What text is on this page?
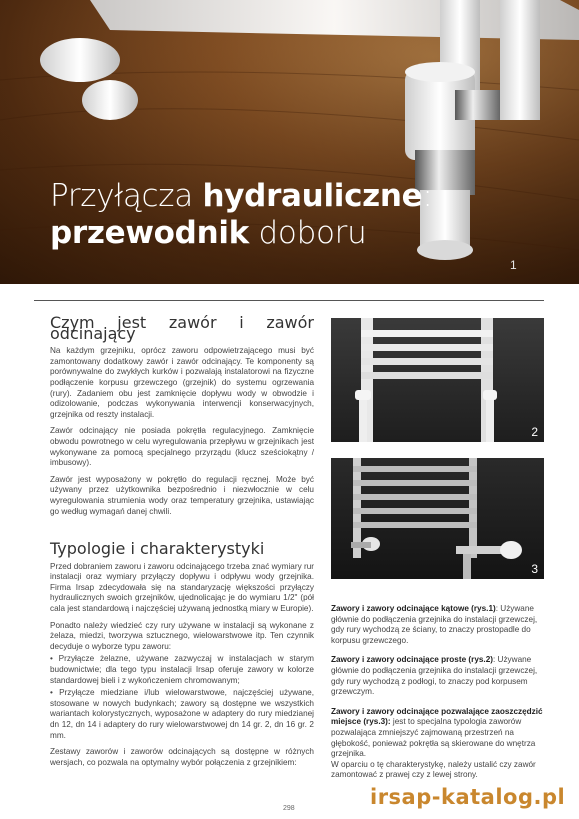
Przyłącza hydrauliczne:
przewodnik doboru
1
Czym jest zawór i zawór odcinający

Na każdym grzejniku, oprócz zaworu odpowietrzającego musi być zamontowany dodatkowy zawór i zawór odcinający. Te komponenty są porównywalne do zwykłych kurków i pozwalają instalatorowi na fizyczne podłączenie korpusu grzewczego (grzejnik) do systemu ogrzewania (rury). Zadaniem obu jest zamknięcie dopływu wody w obwodzie i odizolowanie, podczas wykonywania interwencji konserwacyjnych, grzejnika od reszty instalacji.

Zawór odcinający nie posiada pokrętła regulacyjnego. Zamknięcie obwodu powrotnego w celu wyregulowania przepływu w grzejnikach jest wykonywane za pomocą specjalnego przyrządu (klucz sześciokątny / imbusowy).

Zawór jest wyposażony w pokrętło do regulacji ręcznej. Może być używany przez użytkownika bezpośrednio i niezwłocznie w celu wyregulowania strumienia wody oraz temperatury grzejnika, ustawiając go według wymagań danej chwili.

Typologie i charakterystyki

Przed dobraniem zaworu i zaworu odcinającego trzeba znać wymiary rur instalacji oraz wymiary przyłączy dopływu i odpływu wody grzejnika. Firma Irsap zdecydowała się na standaryzację większości przyłączy hydraulicznych swoich grzejników, ujednolicając je do wymiaru 1/2" (pół cala jest standardową i najczęściej używaną jednostką miary w Europie).

Ponadto należy wiedzieć czy rury używane w instalacji są wykonane z żelaza, miedzi, tworzywa sztucznego, wielowarstwowe itp. Ten czynnik decyduje o wyborze typu zaworu:

• Przyłącze żelazne, używane zazwyczaj w instalacjach w starym budownictwie; dla tego typu instalacji Irsap oferuje zawory w kolorze standardowej bieli i z wykończeniem chromowanym;

• Przyłącze miedziane i/lub wielowarstwowe, najczęściej używane, stosowane w nowych budynkach; zawory są dostępne we wszystkich wariantach kolorystycznych, wyposażone w adaptery do rury miedzianej dn 12, dn 14 i adaptery do rury wielowarstwowej dn 14 gr. 2, dn 16 gr. 2 mm.

Zestawy zaworów i zaworów odcinających są dostępne w różnych wersjach, co pozwala na optymalny wybór połączenia z grzejnikiem:

2
3

Zawory i zawory odcinające kątowe (rys.1): Używane głównie do podłączenia grzejnika do instalacji grzewczej, gdy rury wychodzą ze ściany, to znaczy prostopadle do korpusu grzewczego.

Zawory i zawory odcinające proste (rys.2): Używane głównie do podłączenia grzejnika do instalacji grzewczej, gdy rury wychodzą z podłogi, to znaczy pod korpusem grzewczym.

Zawory i zawory odcinające pozwalające zaoszczędzić miejsce (rys.3): jest to specjalna typologia zaworów pozwalająca zmniejszyć zajmowaną przestrzeń na głębokość, ponieważ pokrętła są skierowane do wnętrza grzejnika.

W oparciu o tę charakterystykę, należy ustalić czy zawór zamontować z prawej czy z lewej strony.

irsap-katalog.pl
298
